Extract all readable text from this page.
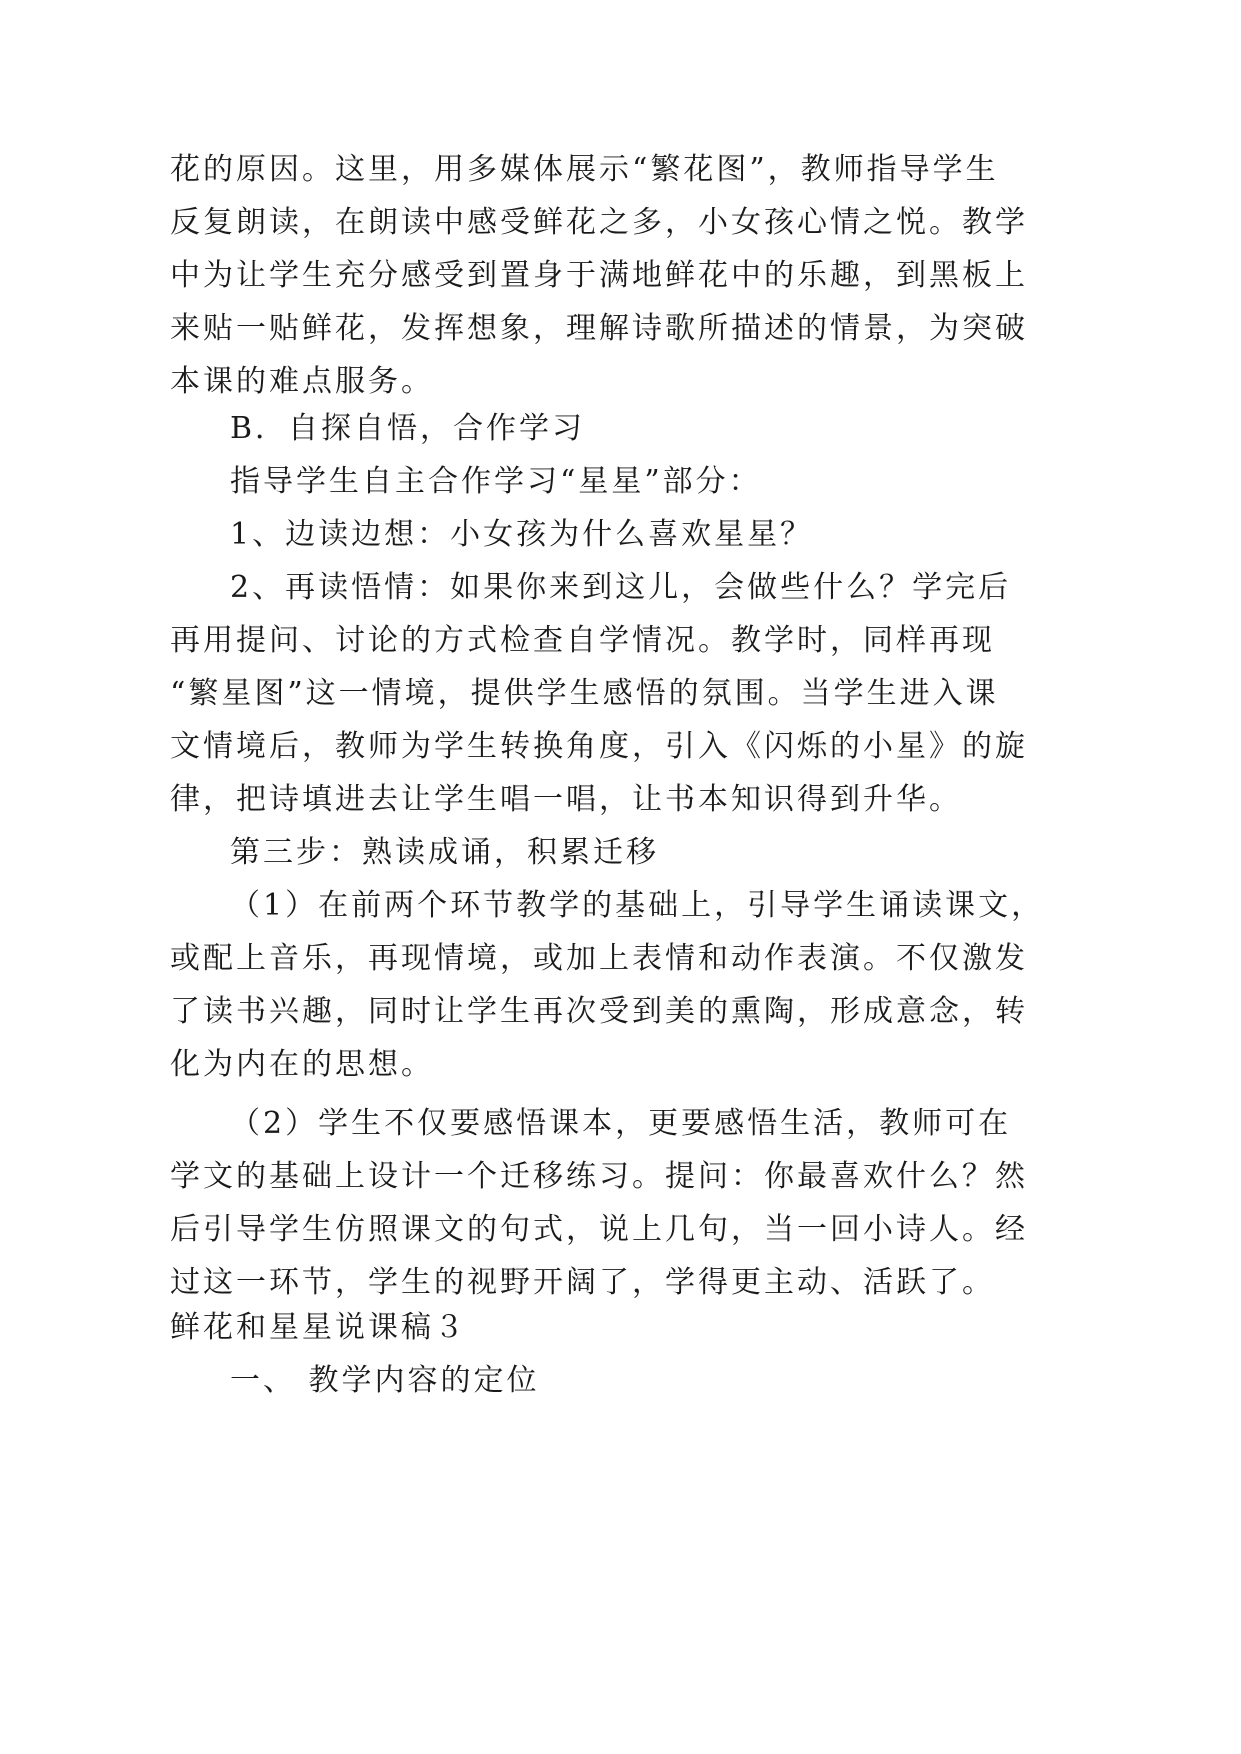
花的原因。这里，用多媒体展示“繁花图”，教师指导学生
反复朗读，在朗读中感受鲜花之多，小女孩心情之悦。教学
中为让学生充分感受到置身于满地鲜花中的乐趣，到黑板上
来贴一贴鲜花，发挥想象，理解诗歌所描述的情景，为突破
本课的难点服务。
B．自探自悟，合作学习
指导学生自主合作学习“星星”部分：
1、边读边想：小女孩为什么喜欢星星？
2、再读悟情：如果你来到这儿，会做些什么？学完后
再用提问、讨论的方式检查自学情况。教学时，同样再现
“繁星图”这一情境，提供学生感悟的氛围。当学生进入课
文情境后，教师为学生转换角度，引入《闪烁的小星》的旋
律，把诗填进去让学生唱一唱，让书本知识得到升华。
第三步：熟读成诵，积累迁移
（1）在前两个环节教学的基础上，引导学生诵读课文，
或配上音乐，再现情境，或加上表情和动作表演。不仅激发
了读书兴趣，同时让学生再次受到美的熏陶，形成意念，转
化为内在的思想。
（2）学生不仅要感悟课本，更要感悟生活，教师可在
学文的基础上设计一个迁移练习。提问：你最喜欢什么？然
后引导学生仿照课文的句式，说上几句，当一回小诗人。经
过这一环节，学生的视野开阔了，学得更主动、活跃了。
鲜花和星星说课稿３
一、 教学内容的定位
